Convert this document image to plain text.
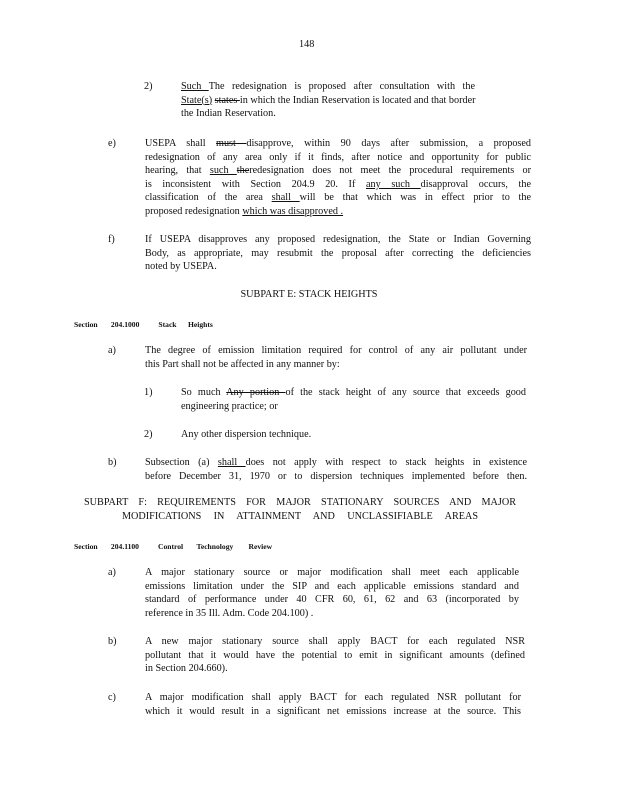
148
2)	Such The redesignation is proposed after consultation with the
State(s) states in which the Indian Reservation is located and that border
the Indian Reservation.
e)	USEPA shall must disapprove, within 90 days after submission, a proposed
redesignation of any area only if it finds, after notice and opportunity for public
hearing, that such theredesignation does not meet the procedural requirements or
is inconsistent with Section 204.9 20. If any such disapproval occurs, the
classification of the area shall will be that which was in effect prior to the
proposed redesignation which was disapproved .
f)	If USEPA disapproves any proposed redesignation, the State or Indian Governing
Body, as appropriate, may resubmit the proposal after correcting the deficiencies
noted by USEPA.
SUBPART E: STACK HEIGHTS
Section 204.1000 Stack Heights
a)	The degree of emission limitation required for control of any air pollutant under
this Part shall not be affected in any manner by:
1)	So much Any portion of the stack height of any source that exceeds good
engineering practice; or
2)	Any other dispersion technique.
b)	Subsection (a) shall does not apply with respect to stack heights in existence
before December 31, 1970 or to dispersion techniques implemented before then.
SUBPART F: REQUIREMENTS FOR MAJOR STATIONARY SOURCES AND MAJOR
MODIFICATIONS IN ATTAINMENT AND UNCLASSIFIABLE AREAS
Section 204.1100 Control Technology Review
a)	A major stationary source or major modification shall meet each applicable
emissions limitation under the SIP and each applicable emissions standard and
standard of performance under 40 CFR 60, 61, 62 and 63 (incorporated by
reference in 35 Ill. Adm. Code 204.100) .
b)	A new major stationary source shall apply BACT for each regulated NSR
pollutant that it would have the potential to emit in significant amounts (defined
in Section 204.660).
c)	A major modification shall apply BACT for each regulated NSR pollutant for
which it would result in a significant net emissions increase at the source. This
